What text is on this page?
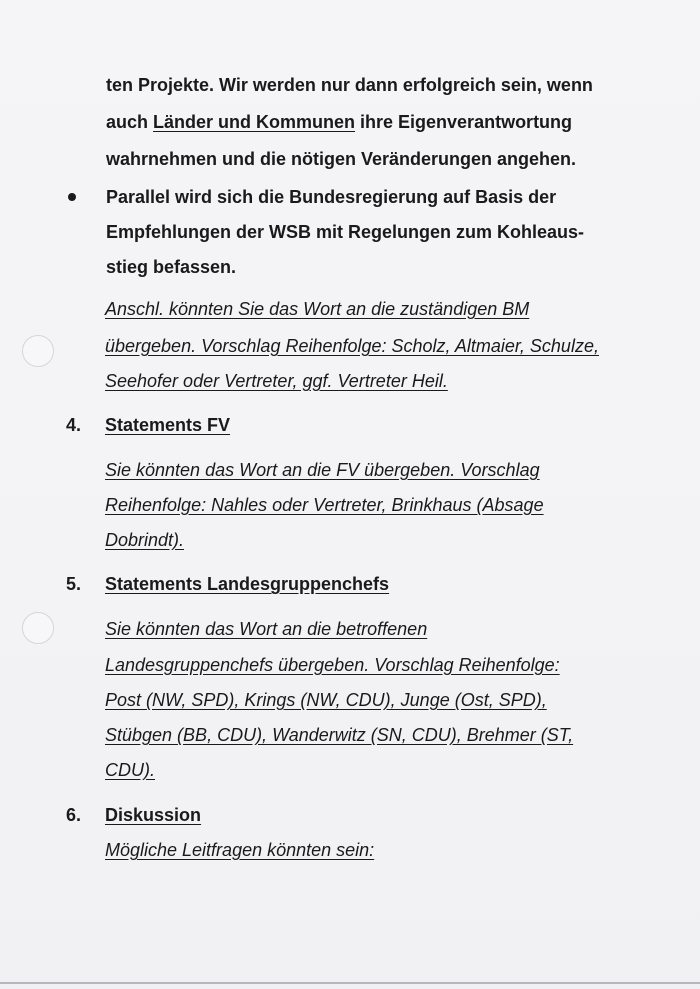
ten Projekte. Wir werden nur dann erfolgreich sein, wenn
auch Länder und Kommunen ihre Eigenverantwortung
wahrnehmen und die nötigen Veränderungen angehen.
Parallel wird sich die Bundesregierung auf Basis der
Empfehlungen der WSB mit Regelungen zum Kohleaus-
stieg befassen.
Anschl. könnten Sie das Wort an die zuständigen BM
übergeben. Vorschlag Reihenfolge: Scholz, Altmaier, Schulze,
Seehofer oder Vertreter, ggf. Vertreter Heil.
4. Statements FV
Sie könnten das Wort an die FV übergeben. Vorschlag
Reihenfolge: Nahles oder Vertreter, Brinkhaus (Absage
Dobrindt).
5. Statements Landesgruppenchefs
Sie könnten das Wort an die betroffenen
Landesgruppenchefs übergeben. Vorschlag Reihenfolge:
Post (NW, SPD), Krings (NW, CDU), Junge (Ost, SPD),
Stübgen (BB, CDU), Wanderwitz (SN, CDU), Brehmer (ST,
CDU).
6. Diskussion
Mögliche Leitfragen könnten sein:
